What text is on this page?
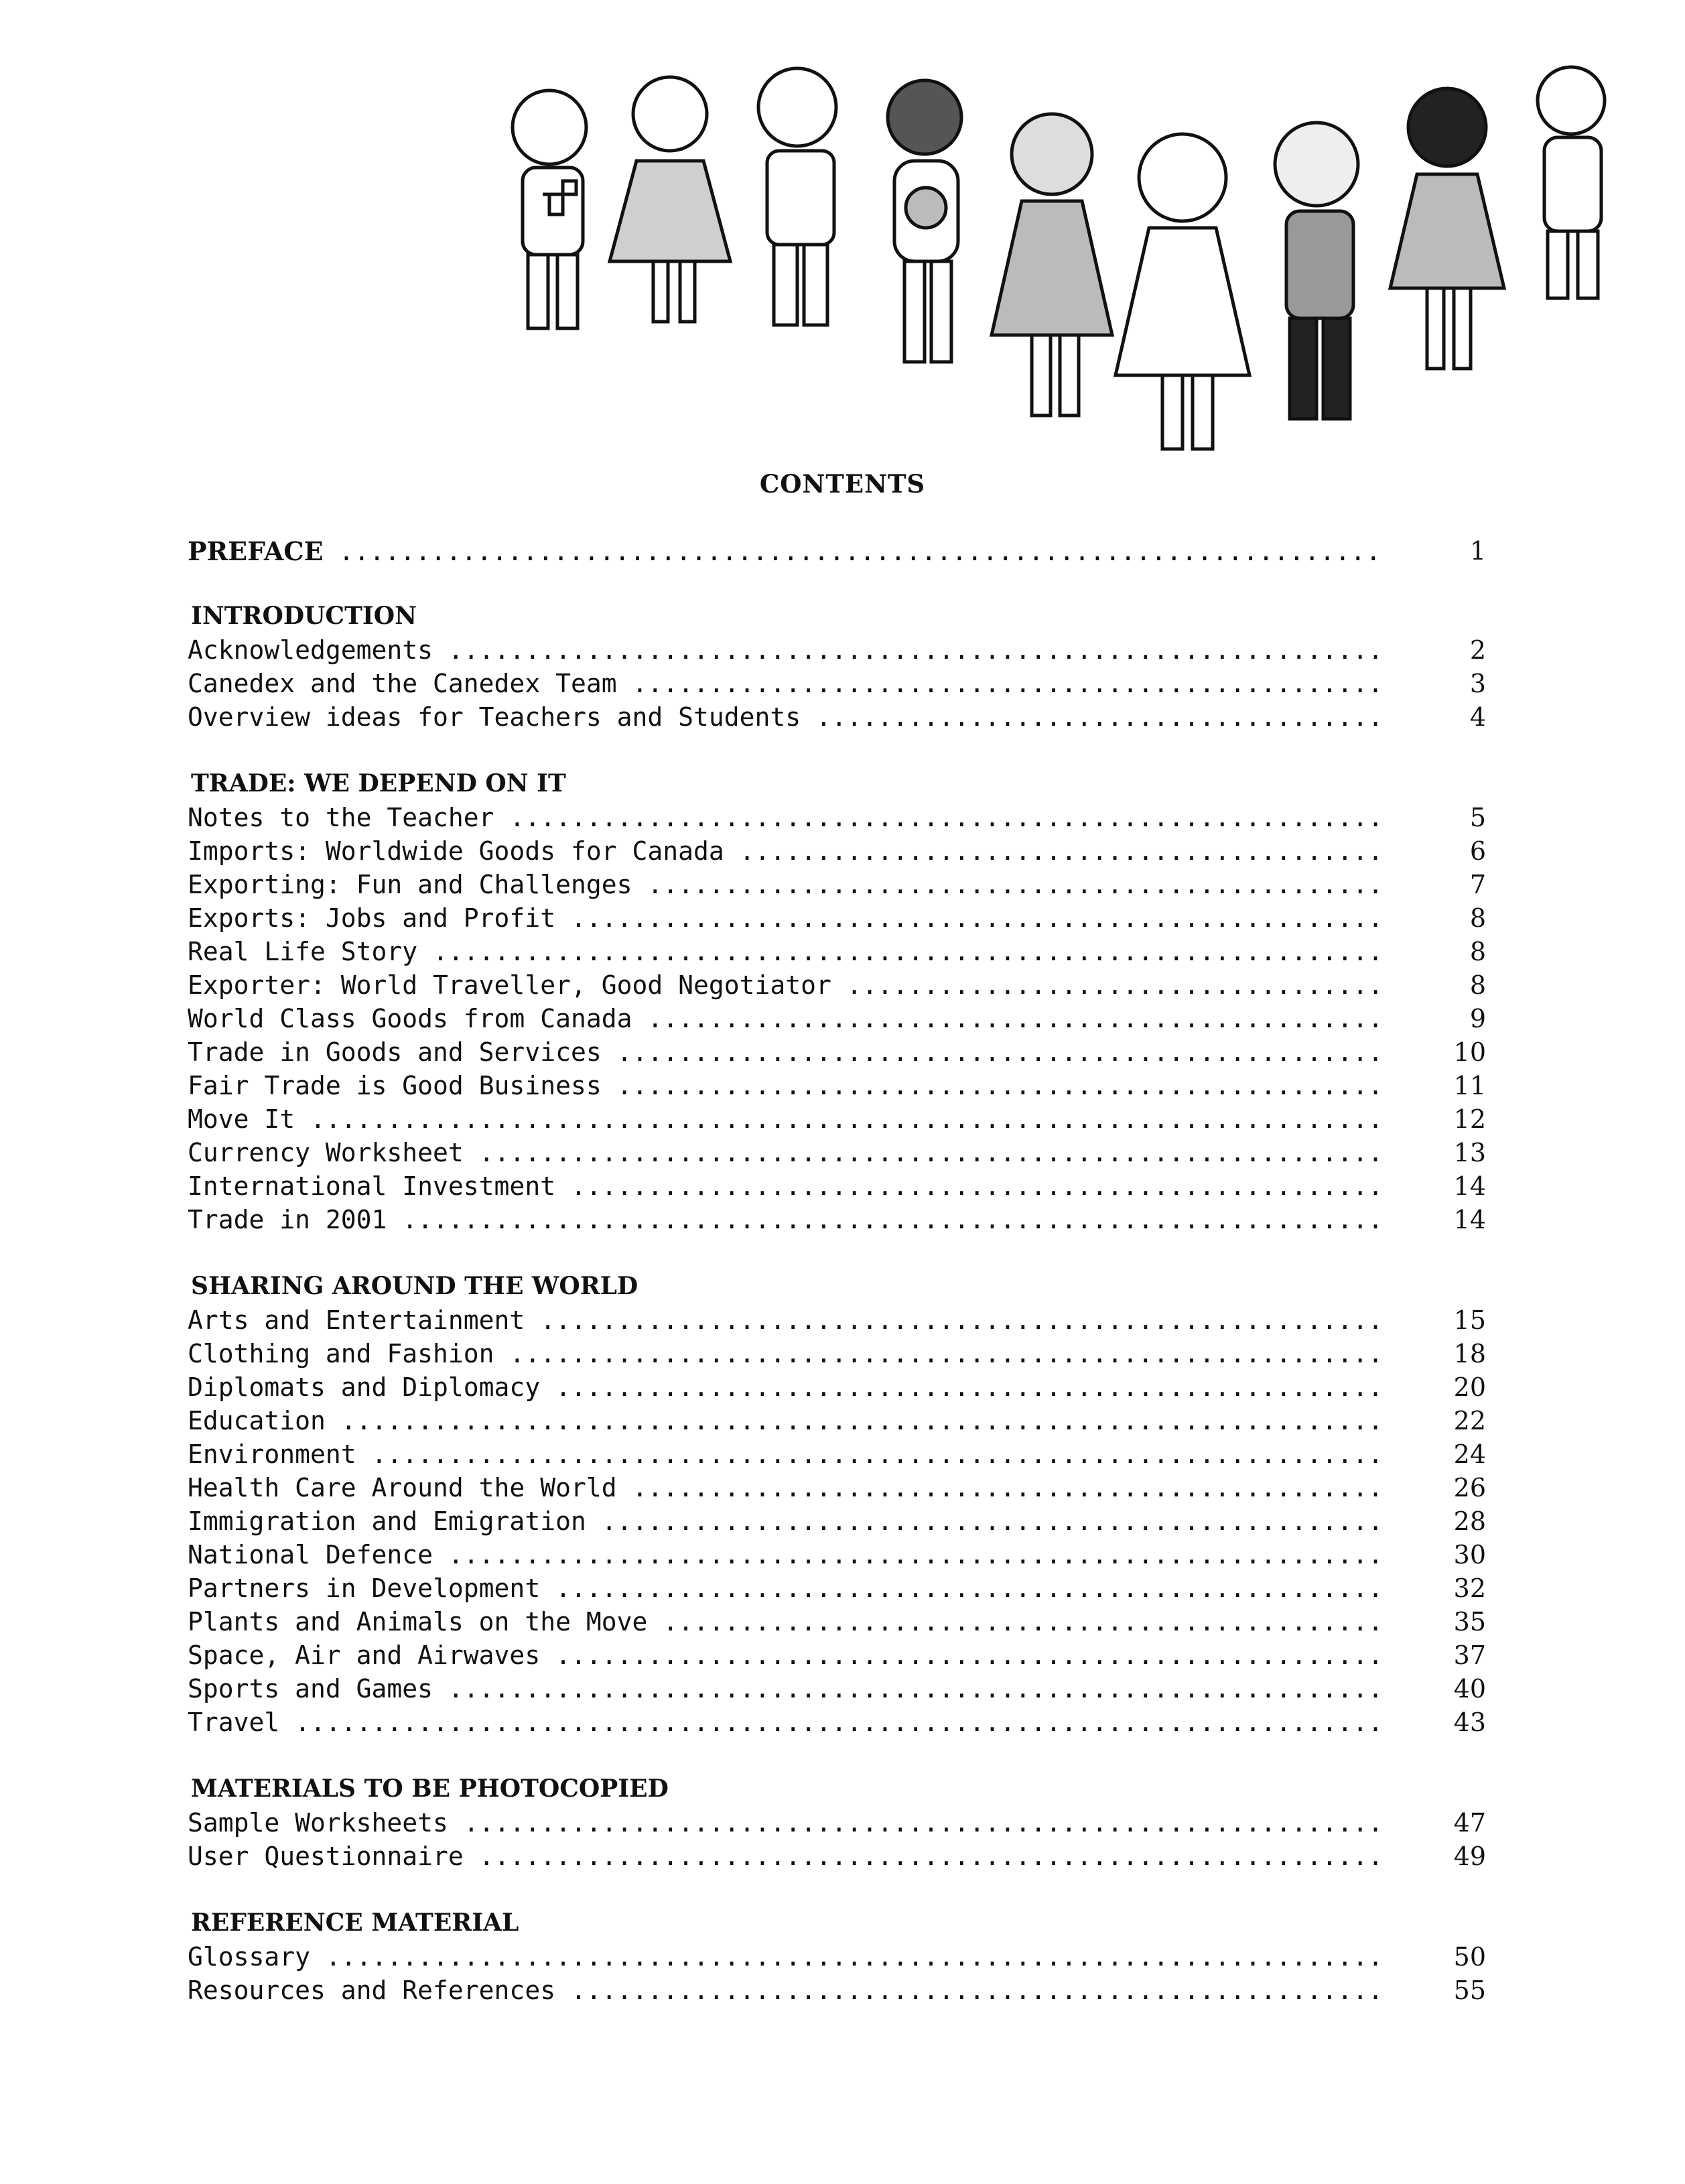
CONTENTS
PREFACE .....	1
INTRODUCTION
Acknowledgements .....	2
Canedex and the Canedex Team .....	3
Overview ideas for Teachers and Students .....	4
TRADE: WE DEPEND ON IT
Notes to the Teacher .....	5
Imports: Worldwide Goods for Canada .....	6
Exporting: Fun and Challenges .....	7
Exports: Jobs and Profit .....	8
Real Life Story .....	8
Exporter: World Traveller, Good Negotiator .....	8
World Class Goods from Canada .....	9
Trade in Goods and Services .....	10
Fair Trade is Good Business .....	11
Move It .....	12
Currency Worksheet .....	13
International Investment .....	14
Trade in 2001 .....	14
SHARING AROUND THE WORLD
Arts and Entertainment .....	15
Clothing and Fashion .....	18
Diplomats and Diplomacy .....	20
Education .....	22
Environment .....	24
Health Care Around the World .....	26
Immigration and Emigration .....	28
National Defence .....	30
Partners in Development .....	32
Plants and Animals on the Move .....	35
Space, Air and Airwaves .....	37
Sports and Games .....	40
Travel .....	43
MATERIALS TO BE PHOTOCOPIED
Sample Worksheets .....	47
User Questionnaire .....	49
REFERENCE MATERIAL
Glossary .....	50
Resources and References .....	55
